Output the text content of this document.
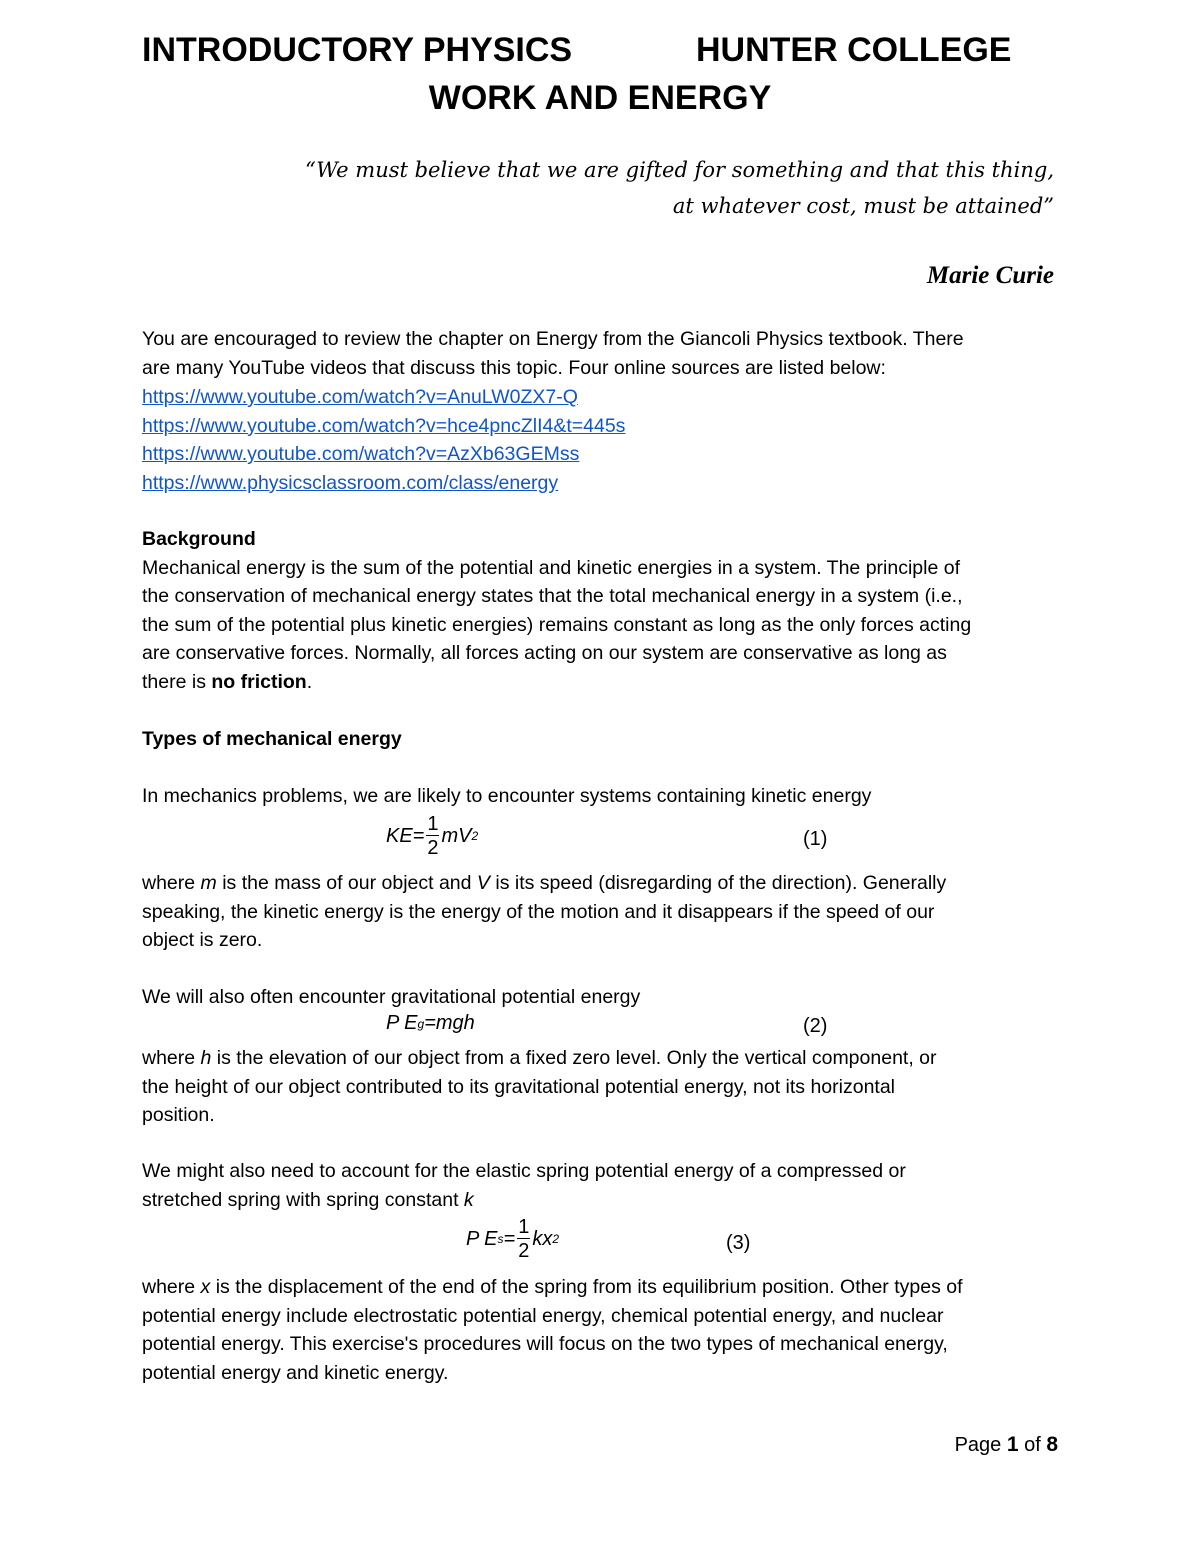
INTRODUCTORY PHYSICS	HUNTER COLLEGE
WORK AND ENERGY
“We must believe that we are gifted for something and that this thing,
at whatever cost, must be attained”
Marie Curie
You are encouraged to review the chapter on Energy from the Giancoli Physics textbook. There
are many YouTube videos that discuss this topic. Four online sources are listed below:
https://www.youtube.com/watch?v=AnuLW0ZX7-Q
https://www.youtube.com/watch?v=hce4pncZlI4&t=445s
https://www.youtube.com/watch?v=AzXb63GEMss
https://www.physicsclassroom.com/class/energy
Background
Mechanical energy is the sum of the potential and kinetic energies in a system. The principle of
the conservation of mechanical energy states that the total mechanical energy in a system (i.e.,
the sum of the potential plus kinetic energies) remains constant as long as the only forces acting
are conservative forces. Normally, all forces acting on our system are conservative as long as
there is no friction.
Types of mechanical energy
In mechanics problems, we are likely to encounter systems containing kinetic energy
$KE= \frac{1}{2}$ mV 2	(1)
where m is the mass of our object and V is its speed (disregarding of the direction). Generally
speaking, the kinetic energy is the energy of the motion and it disappears if the speed of our
object is zero.
We will also often encounter gravitational potential energy
P E g =mgh	(2)
where h is the elevation of our object from a fixed zero level. Only the vertical component, or
the height of our object contributed to its gravitational potential energy, not its horizontal
position.
We might also need to account for the elastic spring potential energy of a compressed or
stretched spring with spring constant k
P E $s = \frac{1}{2}$ kx 2	(3)
where x is the displacement of the end of the spring from its equilibrium position. Other types of
potential energy include electrostatic potential energy, chemical potential energy, and nuclear
potential energy. This exercise's procedures will focus on the two types of mechanical energy,
potential energy and kinetic energy.
Page 1 of 8
